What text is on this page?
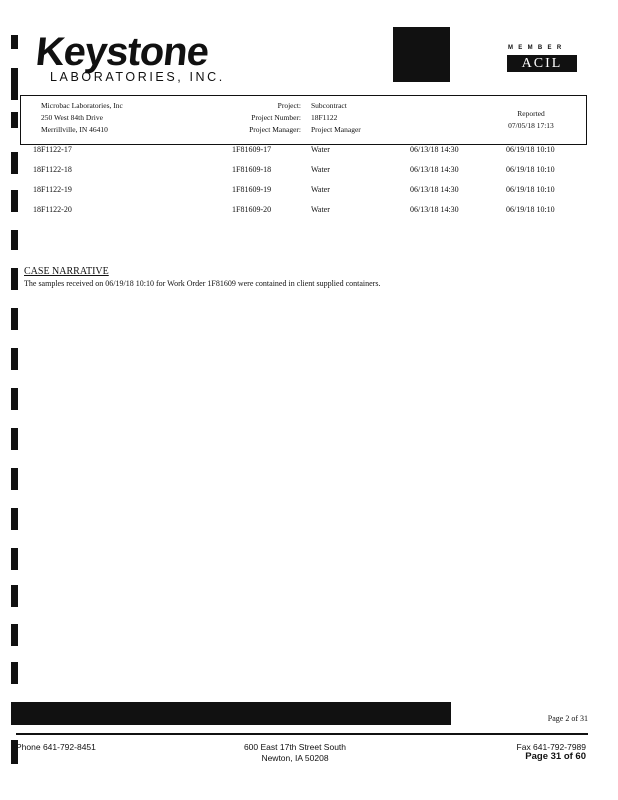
Keystone
LABORATORIES, INC.
MEMBER
ACIL
Microbac Laboratories, Inc
250 West 84th Drive
Merrillville, IN 46410
Project:
Project Number:
Project Manager:
Subcontract
18F1122
Project Manager
Reported
07/05/18 17:13
18F1122-17	1F81609-17	Water	06/13/18 14:30	06/19/18 10:10
18F1122-18	1F81609-18	Water	06/13/18 14:30	06/19/18 10:10
18F1122-19	1F81609-19	Water	06/13/18 14:30	06/19/18 10:10
18F1122-20	1F81609-20	Water	06/13/18 14:30	06/19/18 10:10
CASE NARRATIVE
The samples received on 06/19/18 10:10 for Work Order 1F81609 were contained in client supplied containers.
Page 2 of 31
Phone 641-792-8451	600 East 17th Street South
Newton, IA 50208
Fax 641-792-7989
Page 31 of 60
